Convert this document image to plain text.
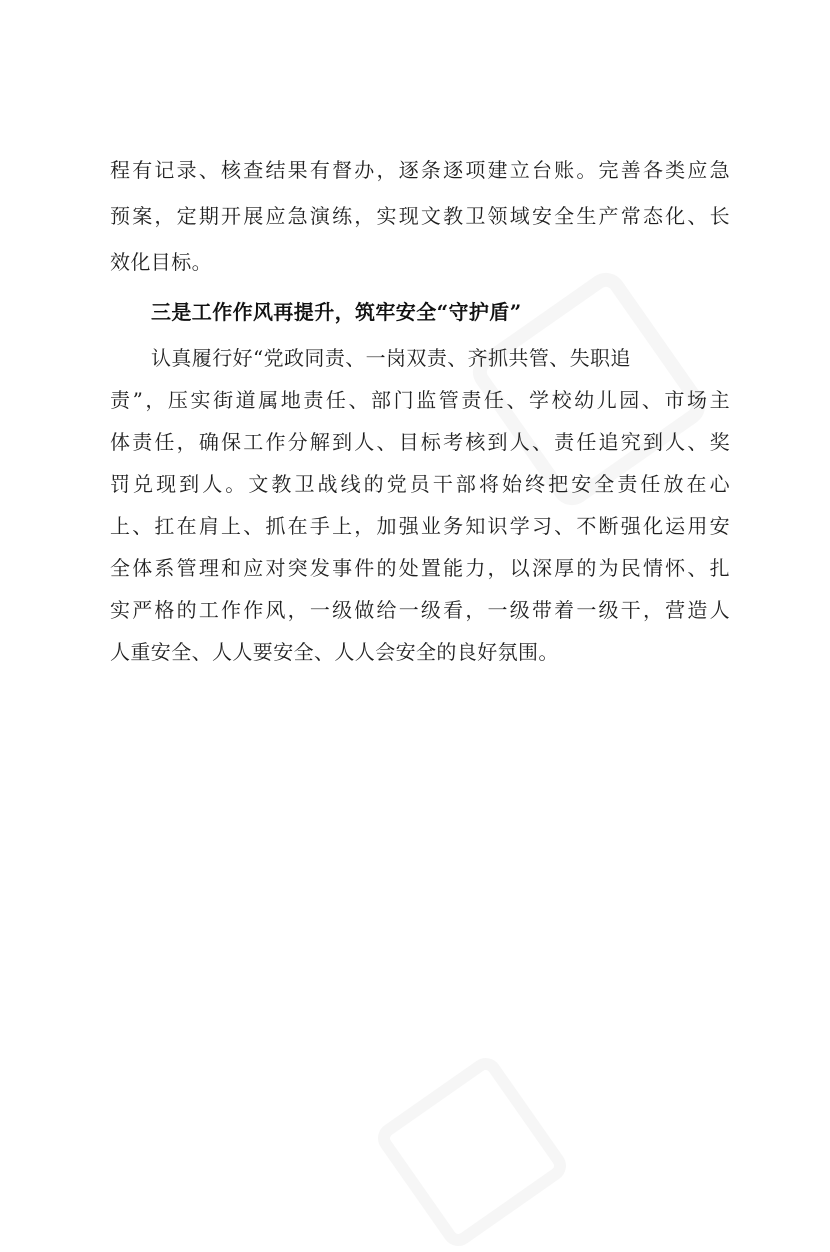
程有记录、核查结果有督办，逐条逐项建立台账。完善各类应急
预案，定期开展应急演练，实现文教卫领域安全生产常态化、长
效化目标。
三是工作作风再提升，筑牢安全“守护盾”
认真履行好“党政同责、一岗双责、齐抓共管、失职追
责”，压实街道属地责任、部门监管责任、学校幼儿园、市场主
体责任，确保工作分解到人、目标考核到人、责任追究到人、奖
罚兑现到人。文教卫战线的党员干部将始终把安全责任放在心
上、扛在肩上、抓在手上，加强业务知识学习、不断强化运用安
全体系管理和应对突发事件的处置能力，以深厚的为民情怀、扎
实严格的工作作风，一级做给一级看，一级带着一级干，营造人
人重安全、人人要安全、人人会安全的良好氛围。
